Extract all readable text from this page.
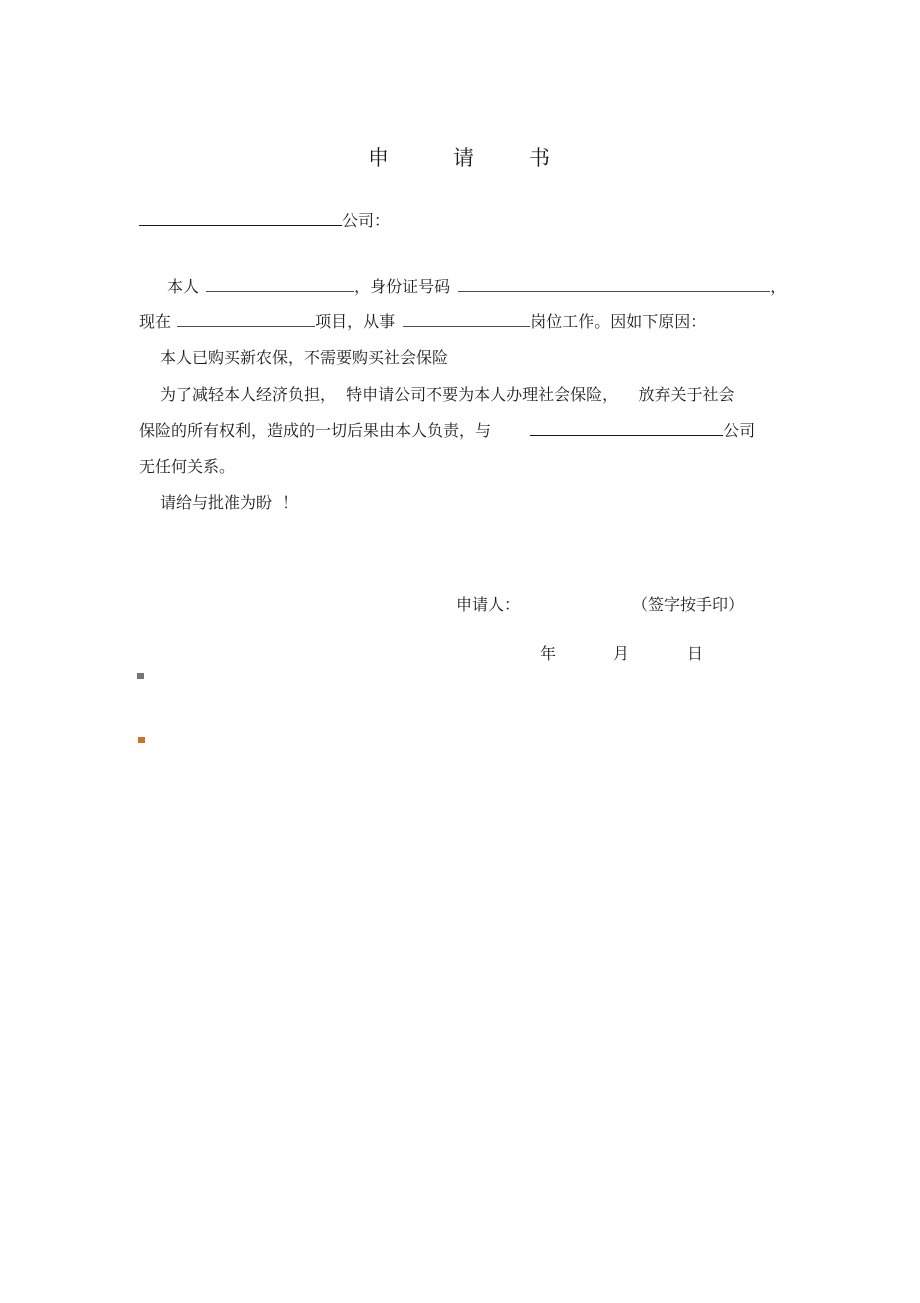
申	请	书
公司：
本人	，身份证号码	，
现在	项目，从事	岗位工作。因如下原因：
本人已购买新农保，不需要购买社会保险
为了减轻本人经济负担，  特申请公司不要为本人办理社会保险，    放弃关于社会
保险的所有权利，造成的一切后果由本人负责，与	公司
无任何关系。
请给与批准为盼  ！
申请人：	（签字按手印）
年	月	日
